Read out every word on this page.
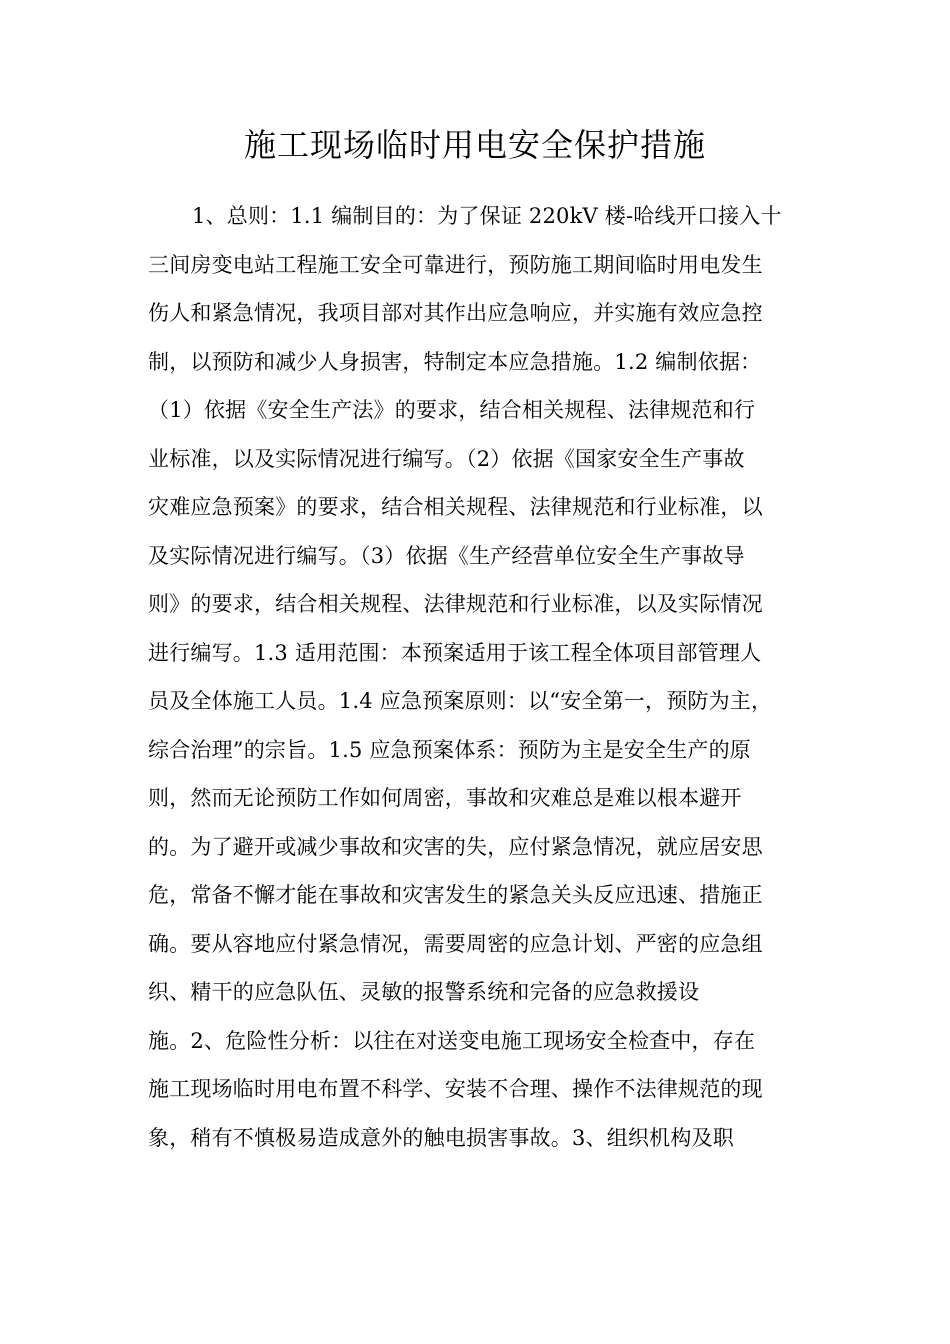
施工现场临时用电安全保护措施
1、总则：1.1 编制目的：为了保证 220kV 楼-哈线开口接入十
三间房变电站工程施工安全可靠进行，预防施工期间临时用电发生
伤人和紧急情况，我项目部对其作出应急响应，并实施有效应急控
制，以预防和减少人身损害，特制定本应急措施。1.2 编制依据：
（1）依据《安全生产法》的要求，结合相关规程、法律规范和行
业标准，以及实际情况进行编写。（2）依据《国家安全生产事故
灾难应急预案》的要求，结合相关规程、法律规范和行业标准，以
及实际情况进行编写。（3）依据《生产经营单位安全生产事故导
则》的要求，结合相关规程、法律规范和行业标准，以及实际情况
进行编写。1.3 适用范围：本预案适用于该工程全体项目部管理人
员及全体施工人员。1.4 应急预案原则：以“安全第一，预防为主，
综合治理”的宗旨。1.5 应急预案体系：预防为主是安全生产的原
则，然而无论预防工作如何周密，事故和灾难总是难以根本避开
的。为了避开或减少事故和灾害的失，应付紧急情况，就应居安思
危，常备不懈才能在事故和灾害发生的紧急关头反应迅速、措施正
确。要从容地应付紧急情况，需要周密的应急计划、严密的应急组
织、精干的应急队伍、灵敏的报警系统和完备的应急救援设
施。2、危险性分析：以往在对送变电施工现场安全检查中，存在
施工现场临时用电布置不科学、安装不合理、操作不法律规范的现
象，稍有不慎极易造成意外的触电损害事故。3、组织机构及职
